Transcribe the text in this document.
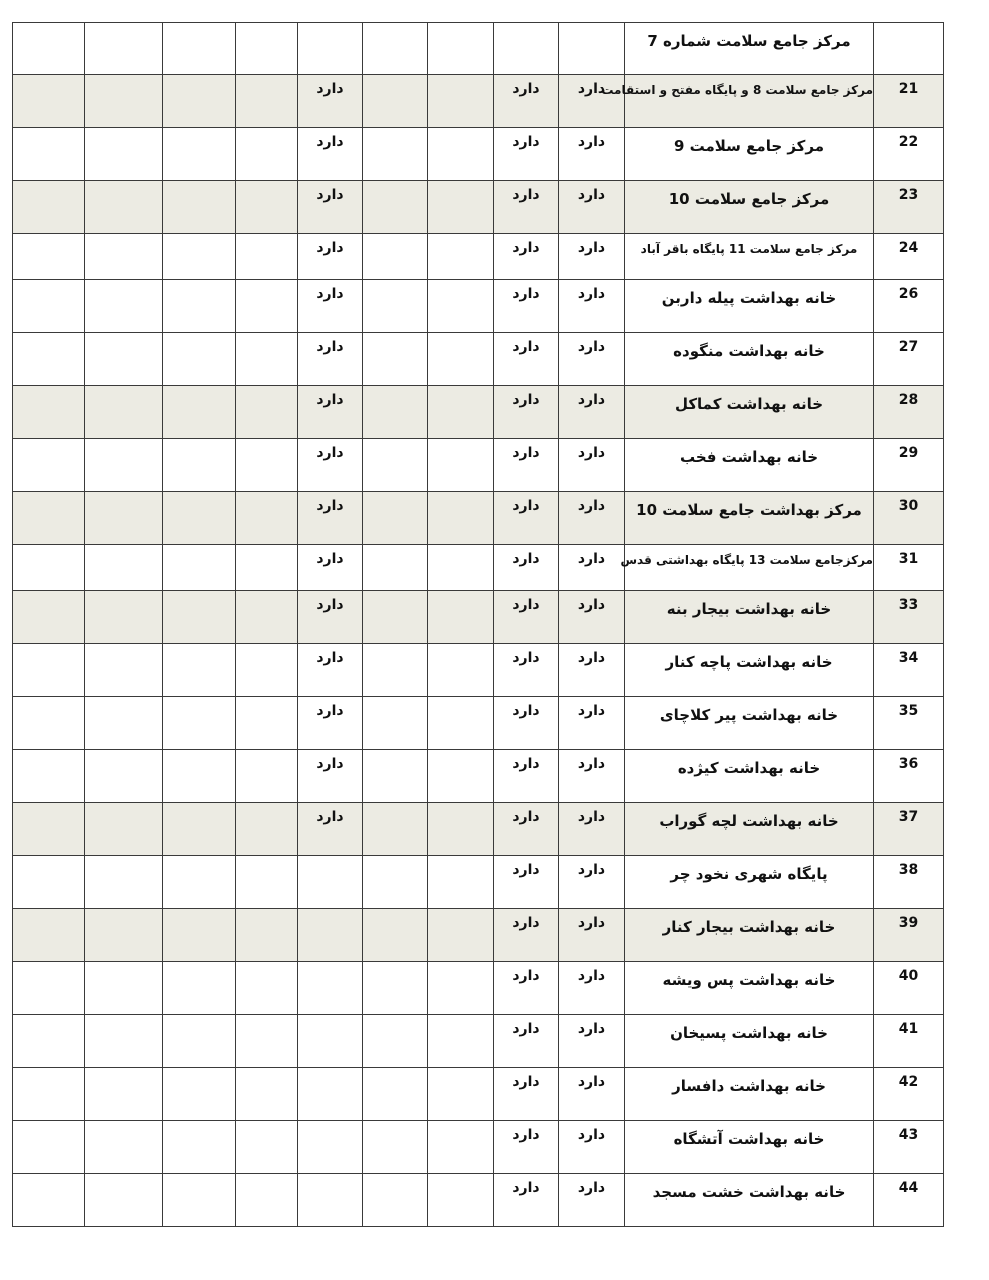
									مرکز جامع سلامت شماره 7	
				دارد			دارد	دارد	مرکز جامع سلامت 8 و پایگاه مفتح و استقامت	21
				دارد			دارد	دارد	مرکز جامع سلامت 9	22
				دارد			دارد	دارد	مرکز جامع سلامت 10	23
				دارد			دارد	دارد	مرکز جامع سلامت 11 پایگاه باقر آباد	24
				دارد			دارد	دارد	خانه بهداشت پیله داربن	26
				دارد			دارد	دارد	خانه بهداشت منگوده	27
				دارد			دارد	دارد	خانه بهداشت کماکل	28
				دارد			دارد	دارد	خانه بهداشت فخب	29
				دارد			دارد	دارد	مرکز بهداشت جامع سلامت 10	30
				دارد			دارد	دارد	مرکزجامع سلامت 13 پایگاه بهداشتی قدس	31
				دارد			دارد	دارد	خانه بهداشت بیجار بنه	33
				دارد			دارد	دارد	خانه بهداشت پاچه کنار	34
				دارد			دارد	دارد	خانه بهداشت پیر کلاچای	35
				دارد			دارد	دارد	خانه بهداشت کیژده	36
				دارد			دارد	دارد	خانه بهداشت لچه گوراب	37
							دارد	دارد	پایگاه شهری نخود چر	38
							دارد	دارد	خانه بهداشت بیجار کنار	39
							دارد	دارد	خانه بهداشت پس ویشه	40
							دارد	دارد	خانه بهداشت پسیخان	41
							دارد	دارد	خانه بهداشت دافسار	42
							دارد	دارد	خانه بهداشت آتشگاه	43
							دارد	دارد	خانه بهداشت خشت مسجد	44
